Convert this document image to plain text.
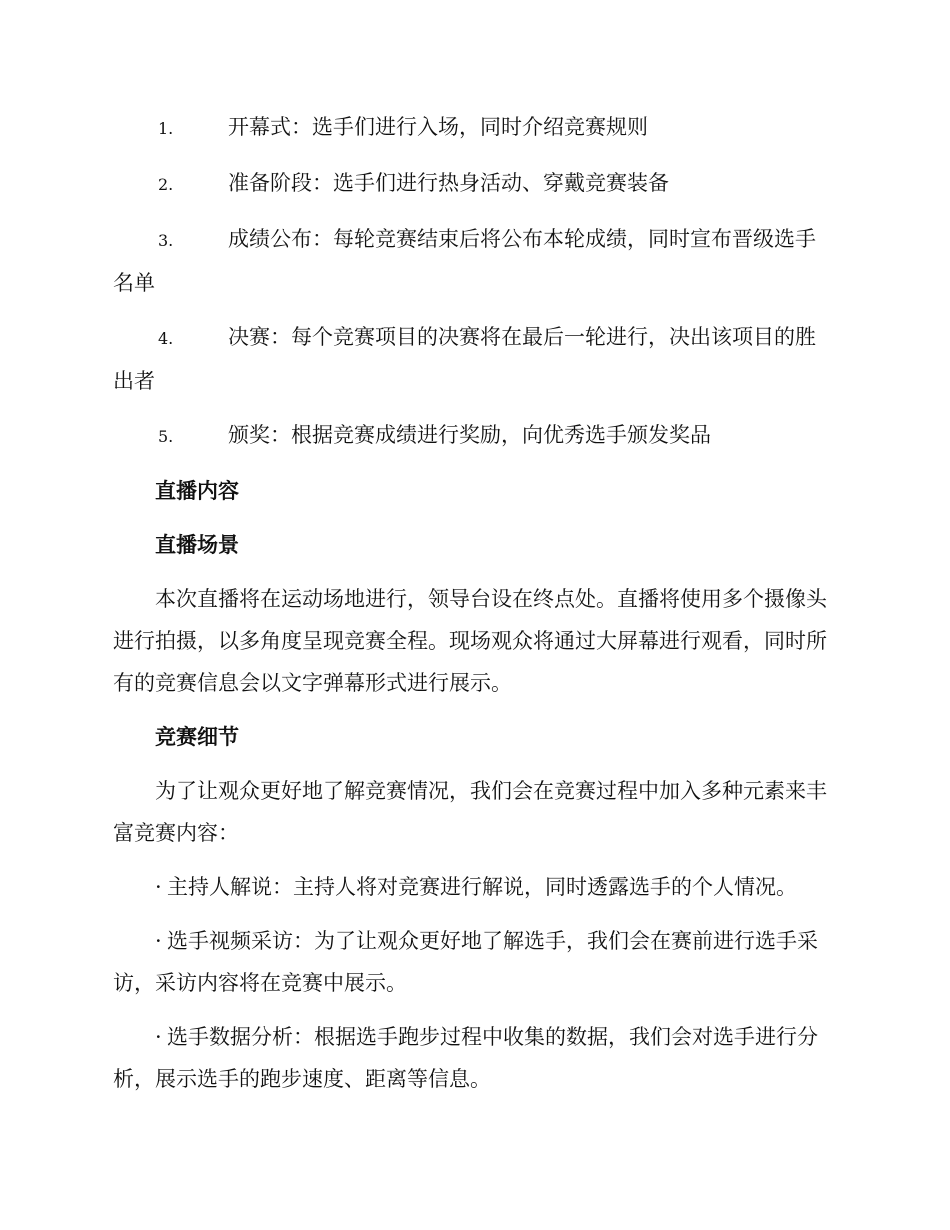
1.	开幕式：选手们进行入场，同时介绍竞赛规则
2.	准备阶段：选手们进行热身活动、穿戴竞赛装备
3.	成绩公布：每轮竞赛结束后将公布本轮成绩，同时宣布晋级选手名单
4.	决赛：每个竞赛项目的决赛将在最后一轮进行，决出该项目的胜出者
5.	颁奖：根据竞赛成绩进行奖励，向优秀选手颁发奖品
直播内容
直播场景

本次直播将在运动场地进行，领导台设在终点处。直播将使用多个摄像头进行拍摄，以多角度呈现竞赛全程。现场观众将通过大屏幕进行观看，同时所有的竞赛信息会以文字弹幕形式进行展示。

竞赛细节

为了让观众更好地了解竞赛情况，我们会在竞赛过程中加入多种元素来丰富竞赛内容：

· 主持人解说：主持人将对竞赛进行解说，同时透露选手的个人情况。

· 选手视频采访：为了让观众更好地了解选手，我们会在赛前进行选手采访，采访内容将在竞赛中展示。

· 选手数据分析：根据选手跑步过程中收集的数据，我们会对选手进行分析，展示选手的跑步速度、距离等信息。
